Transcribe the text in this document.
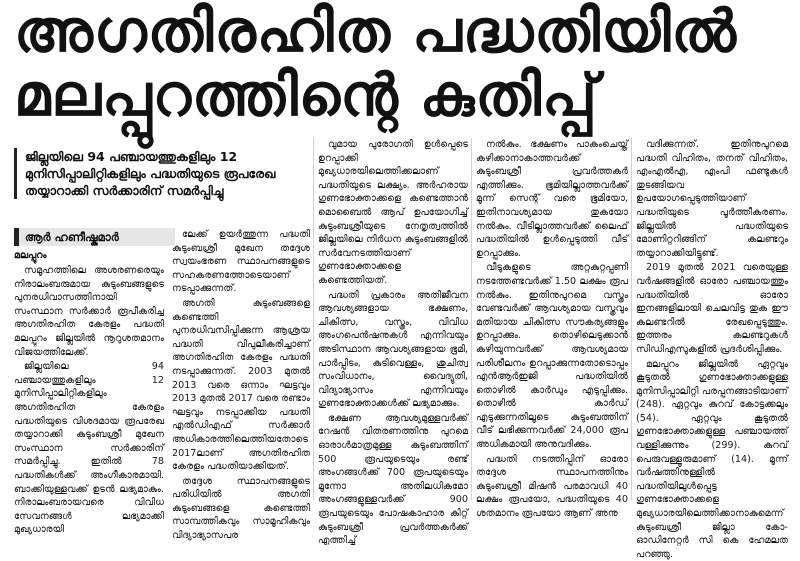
അഗതിരഹിത പദ്ധതിയിൽ
മലപ്പുറത്തിന്റെ കുതിപ്പ്
ജില്ലയിലെ 94 പഞ്ചായത്തുകളിലും 12 മുനിസിപ്പാലിറ്റികളിലും പദ്ധതിയുടെ രൂപരേഖ തയ്യാറാക്കി സർക്കാരിന് സമർപ്പിച്ചു
ആർ ഹണീഷ്കുമാർ
മലപ്പുറം

സമൂഹത്തിലെ അശരണരെയും നിരാലംബരുമായ കുടുംബങ്ങളുടെ പുനരധിവാസത്തിനായി സംസ്ഥാന സർക്കാർ രൂപീകരിച്ച അഗതിരഹിത കേരളം പദ്ധതി മലപ്പുറം ജില്ലയിൽ നൂറുശതമാനം വിജയത്തിലേക്ക്.

ജില്ലയിലെ 94 പഞ്ചായത്തുകളിലും 12 മുനിസിപ്പാലിറ്റികളിലും അഗതിരഹിത കേരളം പദ്ധതിയുടെ വിശദമായ രൂപരേഖ തയ്യാറാക്കി കുടുംബശ്രീ മുഖേന സംസ്ഥാന സർക്കാരിന് സമർപ്പിച്ചു. ഇതിൽ 78 പദ്ധതികൾക്ക് അംഗീകാരമായി. ബാക്കിയുള്ളവക്ക് ഉടൻ ലഭ്യമാകും. നിരാലംബരായവരെ വിവിധ സേവനങ്ങൾ ലഭ്യമാക്കി മുഖ്യധാരയി

ലേക്ക് ഉയർത്തുന്ന പദ്ധതി കുടുംബശ്രീ മുഖേന തദ്ദേശ സ്വയംഭരണ സ്ഥാപനങ്ങളുടെ സഹകരണത്തോടെയാണ് നടപ്പാക്കുന്നത്.

അഗതി കുടുംബങ്ങളെ കണ്ടെത്തി പുനരധിവസിപ്പിക്കുന്ന ആശ്രയ പദ്ധതി വിപുലീകരിച്ചാണ് അഗതിരഹിത കേരളം പദ്ധതി നടപ്പാക്കുന്നത്. 2003 മുതൽ 2013 വരെ ഒന്നാം ഘട്ടവും 2013 മുതൽ 2017 വരെ രണ്ടാം ഘട്ടവും നടപ്പാക്കിയ പദ്ധതി എൽഡിഎഫ് സർക്കാർ അധികാരത്തിലെത്തിയതോടെ 2017ലാണ് അഗതിരഹിത കേരളം പദ്ധതിയാക്കിയത്.

തദ്ദേശ സ്ഥാപനങ്ങളുടെ പരിധിയിൽ അഗതി കുടുംബങ്ങളെ കണ്ടെത്തി സാമ്പത്തികവും സാമൂഹികവും വിദ്യാഭ്യാസപര

വുമായ പുരോഗതി ഉൾപ്പെടെ ഉറപ്പാക്കി മുഖ്യധാരയിലെത്തിക്കലാണ് പദ്ധതിയുടെ ലക്ഷ്യം. അർഹരായ ഗുണഭോക്താക്കളെ കണ്ടെത്താൻ മൊബൈൽ ആപ് ഉപയോഗിച്ച് കുടുംബശ്രീയുടെ നേതൃത്വത്തിൽ ജില്ലയിലെ നിർധന കുടുംബങ്ങളിൽ സർവേനടത്തിയാണ് ഗുണഭോക്താക്കളെ കണ്ടെത്തിയത്.

പദ്ധതി പ്രകാരം അതിജീവന ആവശ്യങ്ങളായ ഭക്ഷണം, ചികിത്സ, വസ്ത്രം, വിവിധ അംഗപെൻഷനുകൾ എന്നിവയും അടിസ്ഥാന ആവശ്യങ്ങളായ ഭൂമി, പാർപ്പിടം, കുടിവെള്ളം, ശുചിത്വ സംവിധാനം, വൈദ്യുതി, വിദ്യാഭ്യാസം എന്നിവയും ഗുണഭോക്താക്കൾക്ക് ലഭ്യമാക്കും.

ഭക്ഷണ ആവശ്യമുള്ളവർക്ക് റേഷൻ വിതരണത്തിനു പുറമെ ഓരാൾമാത്രമുള്ള കുടുംബത്തിന് 500 രൂപയുടെയും രണ്ട് അംഗങ്ങൾക്ക് 700 രൂപയുടെയും മൂന്നോ അതിലധികമോ അംഗങ്ങളുള്ളവർക്ക് 900 രൂപയുടെയും പോഷകാഹാര കിറ്റ് കുടുംബശ്രീ പ്രവർത്തകർക്ക് എത്തിച്ച്

നൽകും. ഭക്ഷണം പാകംചെയ്ത് കഴിക്കാനാകാത്തവർക്ക് കുടുംബശ്രീ പ്രവർത്തകർ എത്തിക്കും. ഭൂമിയില്ലാത്തവർക്ക് മൂന്ന് സെന്റ് വരെ ഭൂമിയോ, ഇതിനാവശ്യമായ തുകയോ നൽകും. വീടില്ലാത്തവർക്ക് ലൈഫ് പദ്ധതിയിൽ ഉൾപ്പെടുത്തി വീട് ഉറപ്പാക്കും.

വീടുകളുടെ അറ്റകുറ്റപ്പണി നടത്തേണ്ടവർക്ക് 1.50 ലക്ഷം രൂപ നൽകും. ഇതിനുപുറമെ വസ്ത്രം വേണ്ടവർക്ക് ആവശ്യമായ വസ്ത്രവും മതിയായ ചികിത്സ സൗകര്യങ്ങളും ഉറപ്പാക്കും. തൊഴിലെടുക്കാൻ കഴിയുന്നവർക്ക് ആവശ്യമായ പരിശീലനം ഉറപ്പാക്കുന്നതോടൊപ്പം എൻആർഇജി പദ്ധതിയിൽ തൊഴിൽ കാർഡും എടുപ്പിക്കും. തൊഴിൽ കാർഡ് എടുക്കുന്നതിലൂടെ കുടുംബത്തിന് വീട് ലഭിക്കുന്നവർക്ക് 24,000 രൂപ അധികമായി അനുവദിക്കും.

പദ്ധതി നടത്തിപ്പിന് ഓരോ തദ്ദേശ സ്ഥാപനത്തിനും കുടുംബശ്രീ മിഷൻ പരമാവധി 40 ലക്ഷം രൂപയോ, പദ്ധതിയുടെ 40 ശതമാനം രൂപയോ ആണ് അനു

വദിക്കുന്നത്. ഇതിനുപുറമെ പദ്ധതി വിഹിതം, തനത് വിഹിതം, എംഎൽഎ, എംപി ഫണ്ടുകൾ തുടങ്ങിയവ ഉപയോഗപ്പെടുത്തിയാണ് പദ്ധതിയുടെ പൂർത്തീകരണം. ജില്ലയിൽ പദ്ധതിയുടെ മോണിറ്ററിങ്ങിന് കലണ്ടറും തയ്യാറാക്കിയിട്ടുണ്ട്.

2019 മുതൽ 2021 വരെയുള്ള വർഷങ്ങളിൽ ഓരോ പഞ്ചായത്തും പദ്ധതിയിൽ ഓരോ ഇനങ്ങളിലായി ചെലവിട്ട തുക ഈ കലണ്ടറിൽ രേഖപ്പെടുത്തും. ഇത്തരം കലണ്ടറുകൾ സിഡിഎസുകളിൽ പ്രദർശിപ്പിക്കും.

മലപ്പുറം ജില്ലയിൽ ഏറ്റവും കൂടുതൽ ഗുണഭോക്താക്കളുള്ള മുനിസിപ്പാലിറ്റി പരപ്പനങ്ങാടിയാണ് (248). ഏറ്റവും കുറവ് കോട്ടക്കലും (54). ഏറ്റവും കൂടുതൽ ഗുണഭോക്താക്കളുള്ള പഞ്ചായത്ത് വള്ളിക്കുന്നും (299). കുറവ് പെരുവള്ളൂരുമാണ് (14). മൂന്ന് വർഷത്തിനുള്ളിൽ പദ്ധതിയിലുൾപ്പെട്ട ഗുണഭോക്താക്കളെ മുഖ്യധാരയിലെത്തിക്കാനാകുമെന്ന് കുടുംബശ്രീ ജില്ലാ കോ- ഓഡിനേറ്റർ സി കെ ഹേമലത പറഞ്ഞു.
